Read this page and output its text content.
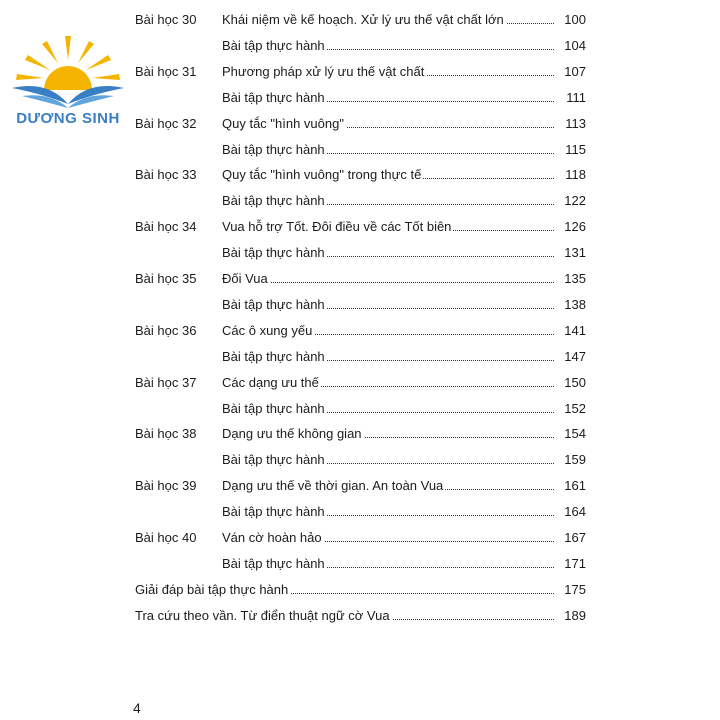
DƯƠNG SINH
Bài học 30 Khái niệm về kế hoạch. Xử lý ưu thế vật chất lớn	100
Bài tập thực hành	104
Bài học 31 Phương pháp xử lý ưu thế vật chất	107
Bài tập thực hành	111
Bài học 32 Quy tắc "hình vuông"	113
Bài tập thực hành	115
Bài học 33 Quy tắc "hình vuông" trong thực tế	118
Bài tập thực hành	122
Bài học 34 Vua hỗ trợ Tốt. Đôi điều về các Tốt biên	126
Bài tập thực hành	131
Bài học 35 Đối Vua	135
Bài tập thực hành	138
Bài học 36 Các ô xung yếu	141
Bài tập thực hành	147
Bài học 37 Các dạng ưu thế	150
Bài tập thực hành	152
Bài học 38 Dạng ưu thế không gian	154
Bài tập thực hành	159
Bài học 39 Dạng ưu thế về thời gian. An toàn Vua	161
Bài tập thực hành	164
Bài học 40 Ván cờ hoàn hảo	167
Bài tập thực hành	171
Giải đáp bài tập thực hành	175
Tra cứu theo vần. Từ điển thuật ngữ cờ Vua	189
4
